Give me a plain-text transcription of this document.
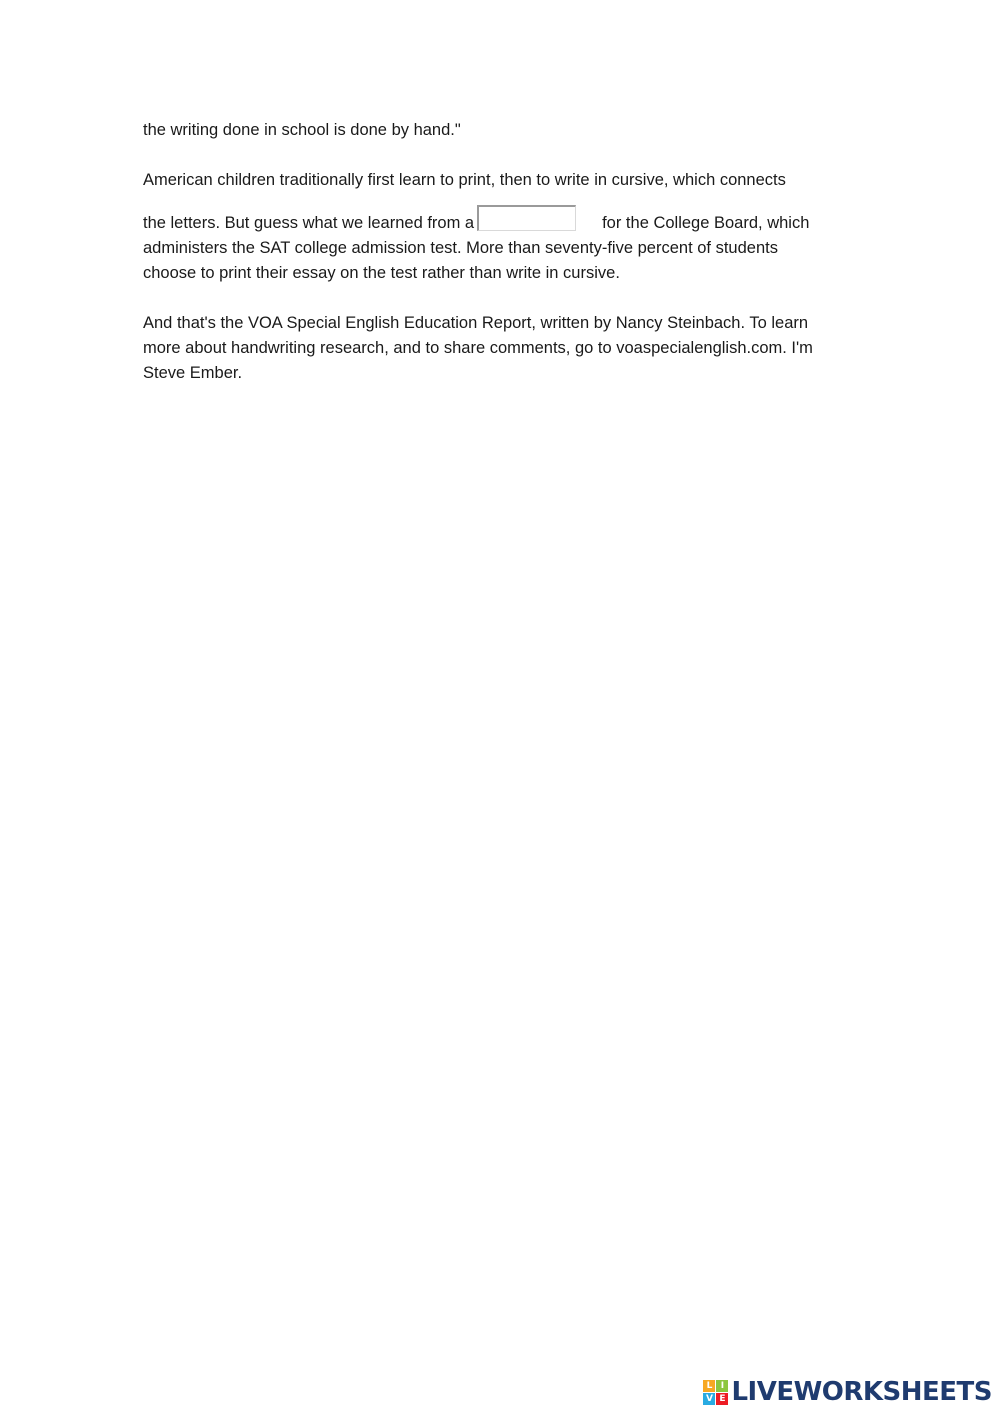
the writing done in school is done by hand."

American children traditionally first learn to print, then to write in cursive, which connects

the letters. But guess what we learned from a	for the College Board, which

administers the SAT college admission test. More than seventy-five percent of students

choose to print their essay on the test rather than write in cursive.

And that's the VOA Special English Education Report, written by Nancy Steinbach. To learn

more about handwriting research, and to share comments, go to voaspecialenglish.com. I'm

Steve Ember.

L I
V E LIVEWORKSHEETS
